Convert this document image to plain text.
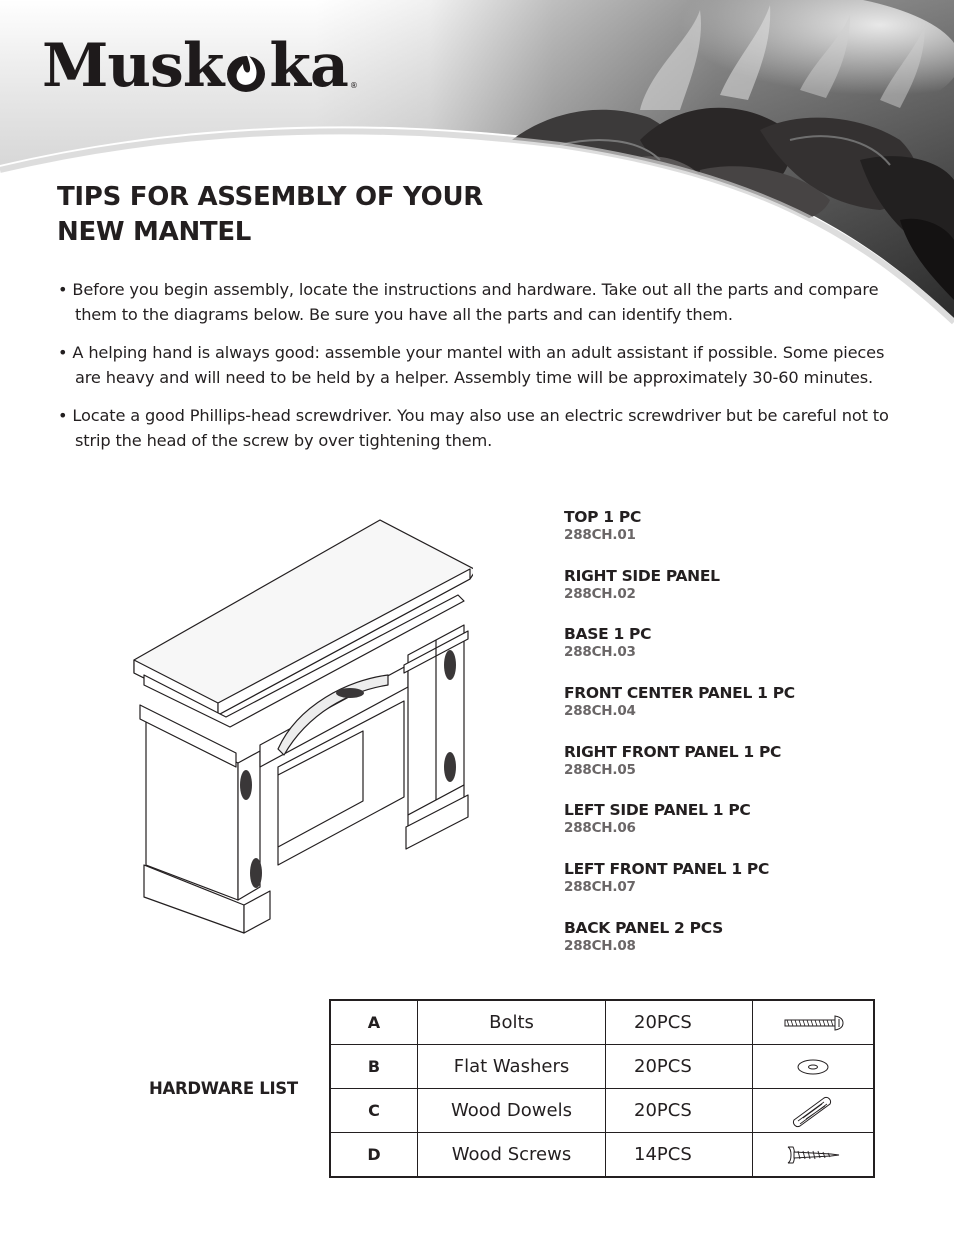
Musk ka ®
TIPS FOR ASSEMBLY OF YOUR NEW MANTEL

• Before you begin assembly, locate the instructions and hardware. Take out all the parts and compare them to the diagrams below. Be sure you have all the parts and can identify them.

• A helping hand is always good: assemble your mantel with an adult assistant if possible. Some pieces are heavy and will need to be held by a helper. Assembly time will be approximately 30-60 minutes.

• Locate a good Phillips-head screwdriver. You may also use an electric screwdriver but be careful not to strip the head of the screw by over tightening them.

TOP 1 PC
288CH.01
RIGHT SIDE PANEL
288CH.02
BASE 1 PC
288CH.03
FRONT CENTER PANEL 1 PC
288CH.04
RIGHT FRONT PANEL 1 PC
288CH.05
LEFT SIDE PANEL 1 PC
288CH.06
LEFT FRONT PANEL 1 PC
288CH.07
BACK PANEL 2 PCS
288CH.08
HARDWARE LIST
A	Bolts	20PCS	

B	Flat Washers	20PCS	

C	Wood Dowels	20PCS	

D	Wood Screws	14PCS	
